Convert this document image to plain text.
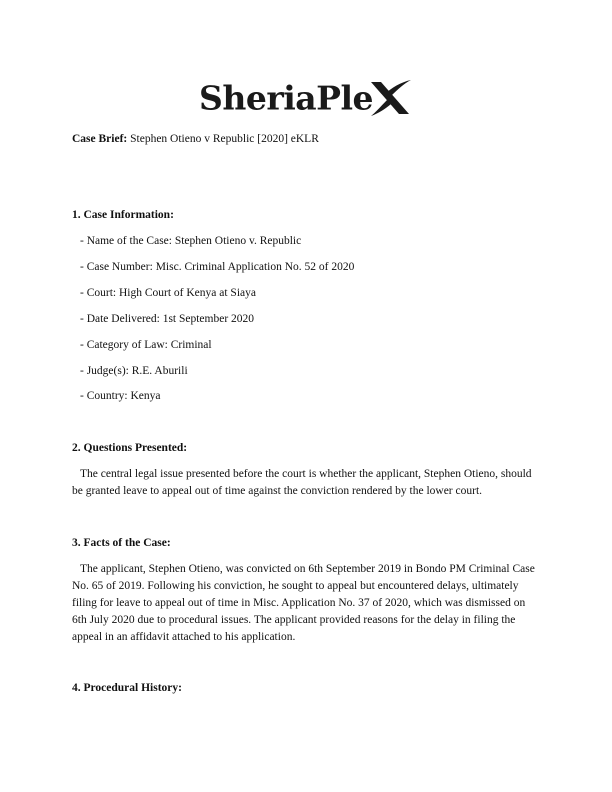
SheriaPle
Case Brief: Stephen Otieno v Republic [2020] eKLR
1. Case Information:
- Name of the Case: Stephen Otieno v. Republic
- Case Number: Misc. Criminal Application No. 52 of 2020
- Court: High Court of Kenya at Siaya
- Date Delivered: 1st September 2020
- Category of Law: Criminal
- Judge(s): R.E. Aburili
- Country: Kenya
2. Questions Presented:
The central legal issue presented before the court is whether the applicant, Stephen Otieno, should be granted leave to appeal out of time against the conviction rendered by the lower court.
3. Facts of the Case:
The applicant, Stephen Otieno, was convicted on 6th September 2019 in Bondo PM Criminal Case No. 65 of 2019. Following his conviction, he sought to appeal but encountered delays, ultimately filing for leave to appeal out of time in Misc. Application No. 37 of 2020, which was dismissed on 6th July 2020 due to procedural issues. The applicant provided reasons for the delay in filing the appeal in an affidavit attached to his application.
4. Procedural History:
